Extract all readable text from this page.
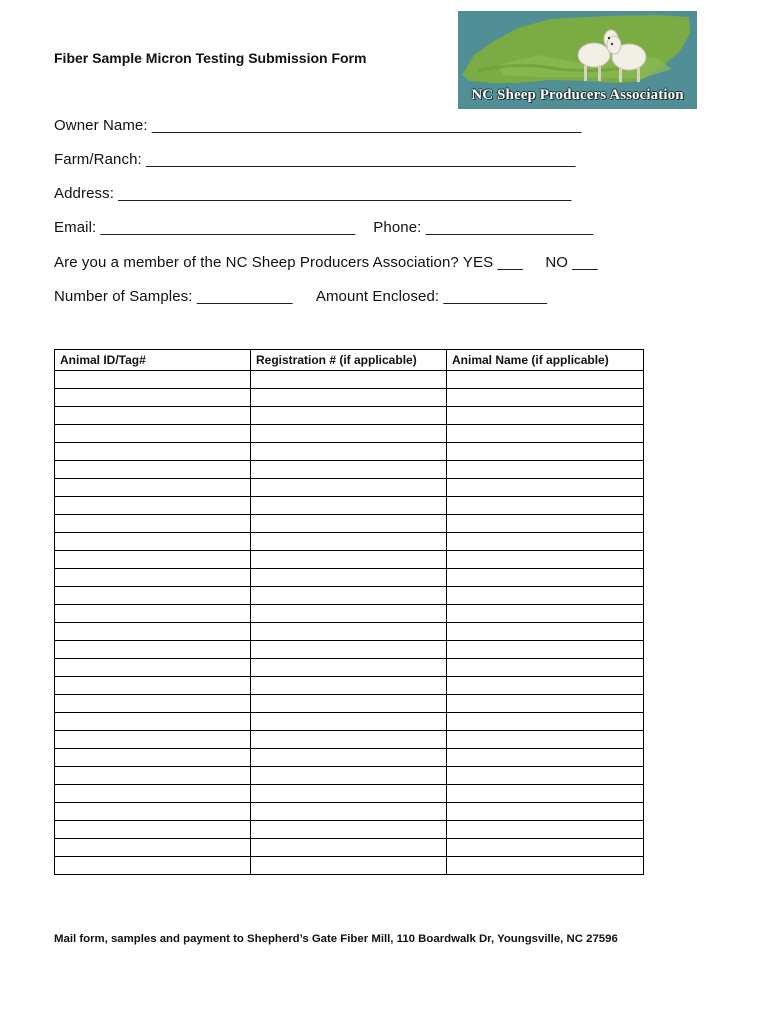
Fiber Sample Micron Testing Submission Form
NC Sheep Producers Association
Owner Name: ______________________________________________________
Farm/Ranch: ______________________________________________________
Address: _________________________________________________________
Email: ________________________________ Phone: _____________________
Are you a member of the NC Sheep Producers Association? YES ___ NO ___
Number of Samples: ____________ Amount Enclosed: _____________
Animal ID/Tag#	Registration # (if applicable)	Animal Name (if applicable)

Mail form, samples and payment to Shepherd’s Gate Fiber Mill, 110 Boardwalk Dr, Youngsville, NC 27596
